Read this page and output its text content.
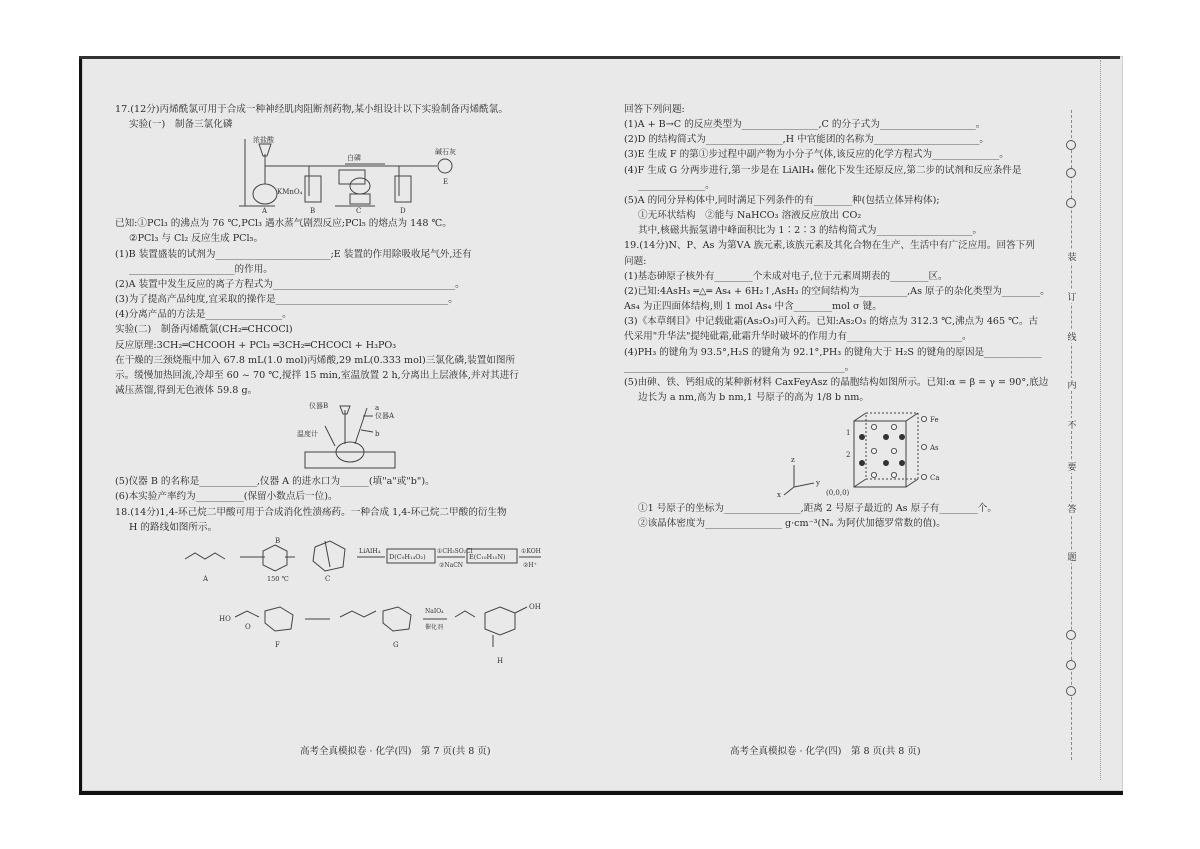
17.(12分)丙烯酰氯可用于合成一种神经肌肉阻断剂药物,某小组设计以下实验制备丙烯酰氯。
实验(一)　制备三氯化磷
浓盐酸
KMnO₄
白磷
碱石灰
A	B	C	D
E
已知:①PCl₃ 的沸点为 76 ℃,PCl₃ 遇水蒸气剧烈反应;PCl₅ 的熔点为 148 ℃。
②PCl₃ 与 Cl₂ 反应生成 PCl₅。
(1)B 装置盛装的试剂为________________________;E 装置的作用除吸收尾气外,还有
______________________的作用。
(2)A 装置中发生反应的离子方程式为______________________________________。
(3)为了提高产品纯度,宜采取的操作是____________________________________。
(4)分离产品的方法是________________。
实验(二)　制备丙烯酰氯(CH₂═CHCOCl)
反应原理:3CH₂═CHCOOH + PCl₃ ═3CH₂═CHCOCl + H₃PO₃
在干燥的三颈烧瓶中加入 67.8 mL(1.0 mol)丙烯酸,29 mL(0.333 mol)三氯化磷,装置如图所
示。缓慢加热回流,冷却至 60 ~ 70 ℃,搅拌 15 min,室温放置 2 h,分离出上层液体,并对其进行
减压蒸馏,得到无色液体 59.8 g。
仪器B
仪器A
温度计
a
b
(5)仪器 B 的名称是____________,仪器 A 的进水口为______(填"a"或"b")。
(6)本实验产率约为__________(保留小数点后一位)。
18.(14分)1,4-环己烷二甲酸可用于合成消化性溃疡药。一种合成 1,4-环己烷二甲酸的衍生物
H 的路线如图所示。
A
B
C
150 ℃
LiAlH₄
D(C₉H₁₄O₂)
①CH₃SO₂Cl
②NaCN
E(C₁₀H₁₅N)
①KOH
②H⁺
F	G
H
NaIO₄
催化剂
HO
OH
O
回答下列问题:
(1)A + B→C 的反应类型为________________,C 的分子式为____________________。
(2)D 的结构简式为________________,H 中官能团的名称为______________________。
(3)E 生成 F 的第①步过程中副产物为小分子气体,该反应的化学方程式为______________。
(4)F 生成 G 分两步进行,第一步是在 LiAlH₄ 催化下发生还原反应,第二步的试剂和反应条件是
______________。
(5)A 的同分异构体中,同时满足下列条件的有________种(包括立体异构体);
①无环状结构　②能与 NaHCO₃ 溶液反应放出 CO₂
其中,核磁共振氢谱中峰面积比为 1∶2∶3 的结构简式为____________________。
19.(14分)N、P、As 为第ⅤA 族元素,该族元素及其化合物在生产、生活中有广泛应用。回答下列
问题:
(1)基态砷原子核外有________个未成对电子,位于元素周期表的________区。
(2)已知:4AsH₃ ═△═ As₄ + 6H₂↑,AsH₃ 的空间结构为__________,As 原子的杂化类型为________。
As₄ 为正四面体结构,则 1 mol As₄ 中含________mol σ 键。
(3)《本草纲目》中记载砒霜(As₂O₃)可入药。已知:As₂O₃ 的熔点为 312.3 ℃,沸点为 465 ℃。古
代采用"升华法"提纯砒霜,砒霜升华时破坏的作用力有________________________。
(4)PH₃ 的键角为 93.5°,H₂S 的键角为 92.1°,PH₃ 的键角大于 H₂S 的键角的原因是____________
______________________________________________。
(5)由砷、铁、钙组成的某种新材料 CaxFeyAsz 的晶胞结构如图所示。已知:α = β = γ = 90°,底边
边长为 a nm,高为 b nm,1 号原子的高为 1/8 b nm。
1
2
Fe
As
Ca
(0,0,0)
z
y
x
①1 号原子的坐标为________________,距离 2 号原子最近的 As 原子有________个。
②该晶体密度为________________ g·cm⁻³(Nₐ 为阿伏加德罗常数的值)。
装
订
线
内
不
要
答
题
高考全真模拟卷 · 化学(四)　第 7 页(共 8 页)	高考全真模拟卷 · 化学(四)　第 8 页(共 8 页)
